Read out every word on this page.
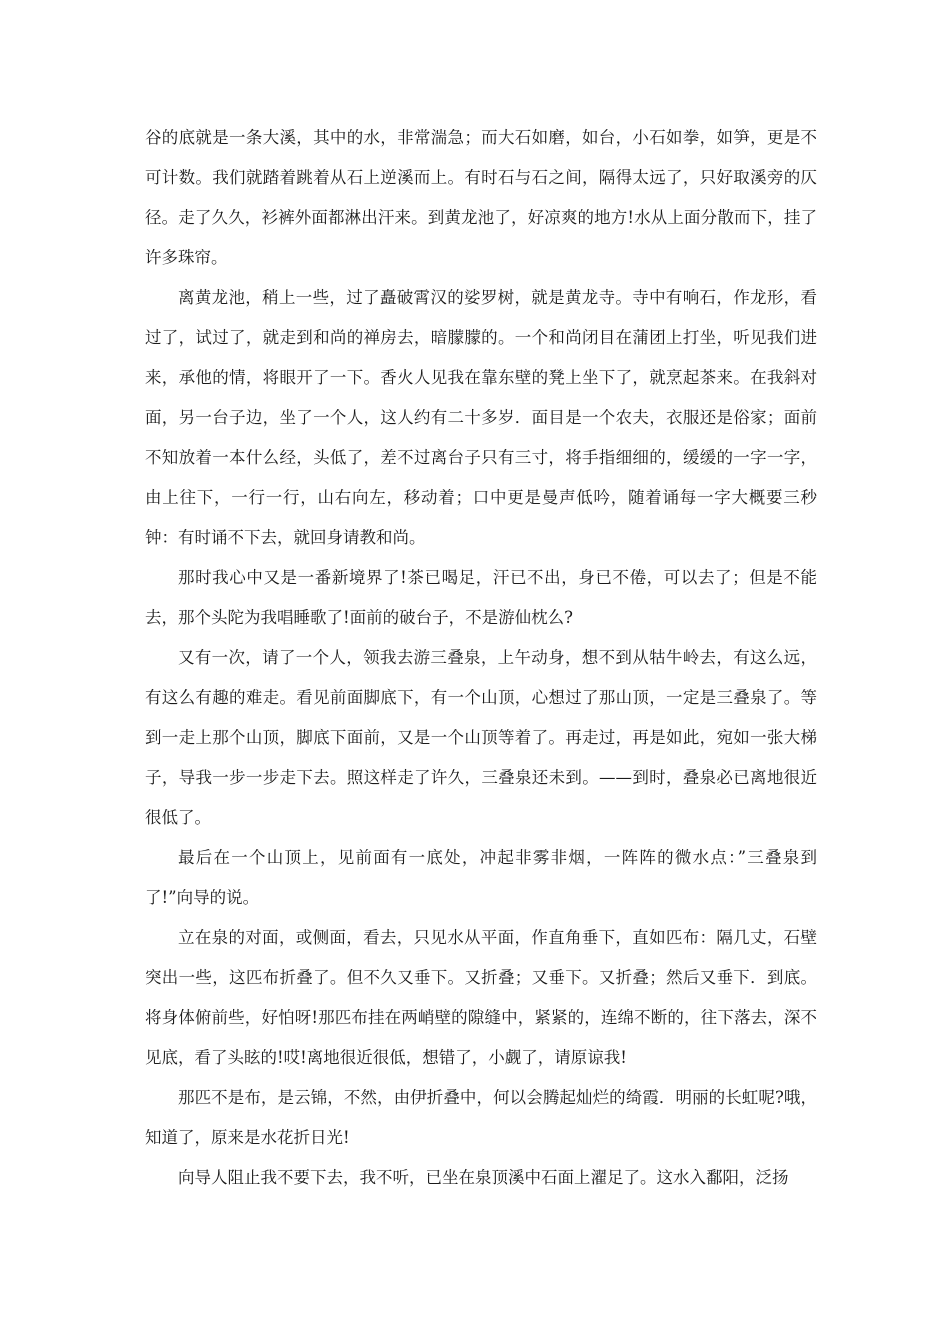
谷的底就是一条大溪，其中的水，非常湍急；而大石如磨，如台，小石如拳，如笋，更是不可计数。我们就踏着跳着从石上逆溪而上。有时石与石之间，隔得太远了，只好取溪旁的仄径。走了久久，衫裤外面都淋出汗来。到黄龙池了，好凉爽的地方!水从上面分散而下，挂了许多珠帘。

离黄龙池，稍上一些，过了矗破霄汉的娑罗树，就是黄龙寺。寺中有响石，作龙形，看过了，试过了，就走到和尚的禅房去，暗朦朦的。一个和尚闭目在蒲团上打坐，听见我们进来，承他的情，将眼开了一下。香火人见我在靠东壁的凳上坐下了，就烹起茶来。在我斜对面，另一台子边，坐了一个人，这人约有二十多岁．面目是一个农夫，衣服还是俗家；面前不知放着一本什么经，头低了，差不过离台子只有三寸，将手指细细的，缓缓的一字一字，由上往下，一行一行，山右向左，移动着；口中更是曼声低吟，随着诵每一字大概要三秒钟：有时诵不下去，就回身请教和尚。

那时我心中又是一番新境界了!茶已喝足，汗已不出，身已不倦，可以去了；但是不能去，那个头陀为我唱睡歌了!面前的破台子，不是游仙枕么?

又有一次，请了一个人，领我去游三叠泉，上午动身，想不到从牯牛岭去，有这么远，有这么有趣的难走。看见前面脚底下，有一个山顶，心想过了那山顶，一定是三叠泉了。等到一走上那个山顶，脚底下面前，又是一个山顶等着了。再走过，再是如此，宛如一张大梯子，导我一步一步走下去。照这样走了许久，三叠泉还未到。——到时，叠泉必已离地很近很低了。

最后在一个山顶上，见前面有一底处，冲起非雾非烟，一阵阵的微水点：”三叠泉到了!”向导的说。

立在泉的对面，或侧面，看去，只见水从平面，作直角垂下，直如匹布：隔几丈，石壁突出一些，这匹布折叠了。但不久又垂下。又折叠；又垂下。又折叠；然后又垂下．到底。将身体俯前些，好怕呀!那匹布挂在两峭壁的隙缝中，紧紧的，连绵不断的，往下落去，深不见底，看了头眩的!哎!离地很近很低，想错了，小觑了，请原谅我!

那匹不是布，是云锦，不然，由伊折叠中，何以会腾起灿烂的绮霞．明丽的长虹呢?哦，知道了，原来是水花折日光!

向导人阻止我不要下去，我不听，已坐在泉顶溪中石面上濯足了。这水入鄱阳，泛扬
